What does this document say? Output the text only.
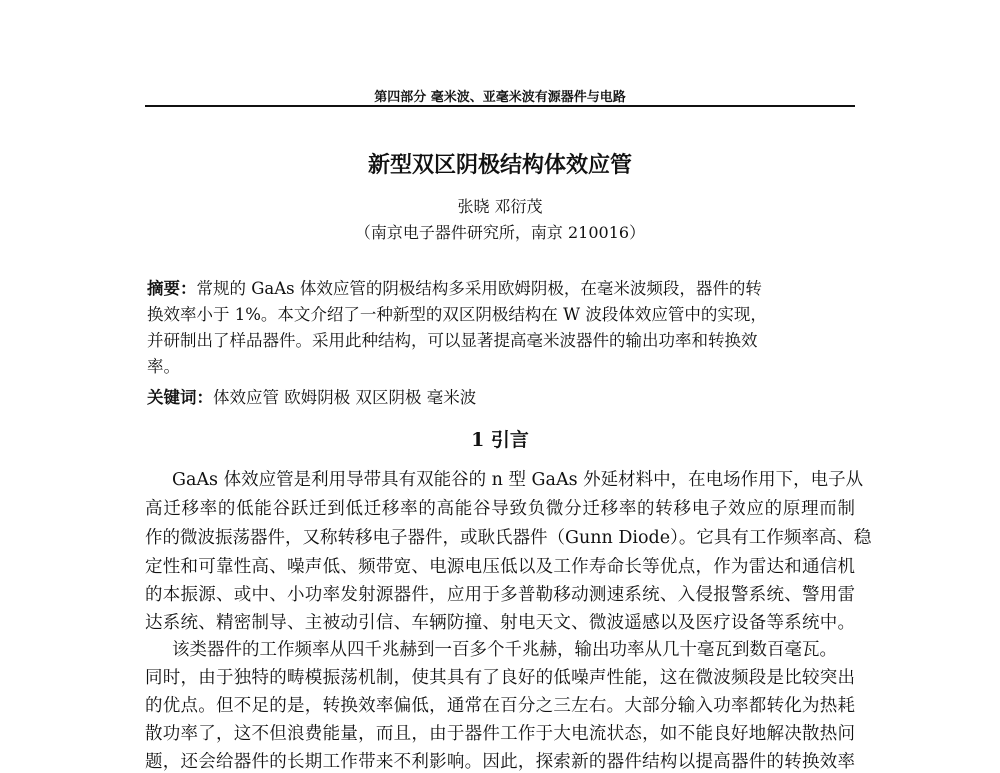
第四部分 毫米波、亚毫米波有源器件与电路
新型双区阴极结构体效应管
张晓 邓衍茂
（南京电子器件研究所，南京 210016）
摘要：常规的 GaAs 体效应管的阴极结构多采用欧姆阴极，在毫米波频段，器件的转
换效率小于 1%。本文介绍了一种新型的双区阴极结构在 W 波段体效应管中的实现，
并研制出了样品器件。采用此种结构，可以显著提高毫米波器件的输出功率和转换效
率。
关键词：体效应管 欧姆阴极 双区阴极 毫米波
1 引言
GaAs 体效应管是利用导带具有双能谷的 n 型 GaAs 外延材料中，在电场作用下，电子从
高迁移率的低能谷跃迁到低迁移率的高能谷导致负微分迁移率的转移电子效应的原理而制
作的微波振荡器件，又称转移电子器件，或耿氏器件（Gunn Diode）。它具有工作频率高、稳
定性和可靠性高、噪声低、频带宽、电源电压低以及工作寿命长等优点，作为雷达和通信机
的本振源、或中、小功率发射源器件，应用于多普勒移动测速系统、入侵报警系统、警用雷
达系统、精密制导、主被动引信、车辆防撞、射电天文、微波遥感以及医疗设备等系统中。
该类器件的工作频率从四千兆赫到一百多个千兆赫，输出功率从几十毫瓦到数百毫瓦。
同时，由于独特的畴模振荡机制，使其具有了良好的低噪声性能，这在微波频段是比较突出
的优点。但不足的是，转换效率偏低，通常在百分之三左右。大部分输入功率都转化为热耗
散功率了，这不但浪费能量，而且，由于器件工作于大电流状态，如不能良好地解决散热问
题，还会给器件的长期工作带来不利影响。因此，探索新的器件结构以提高器件的转换效率
